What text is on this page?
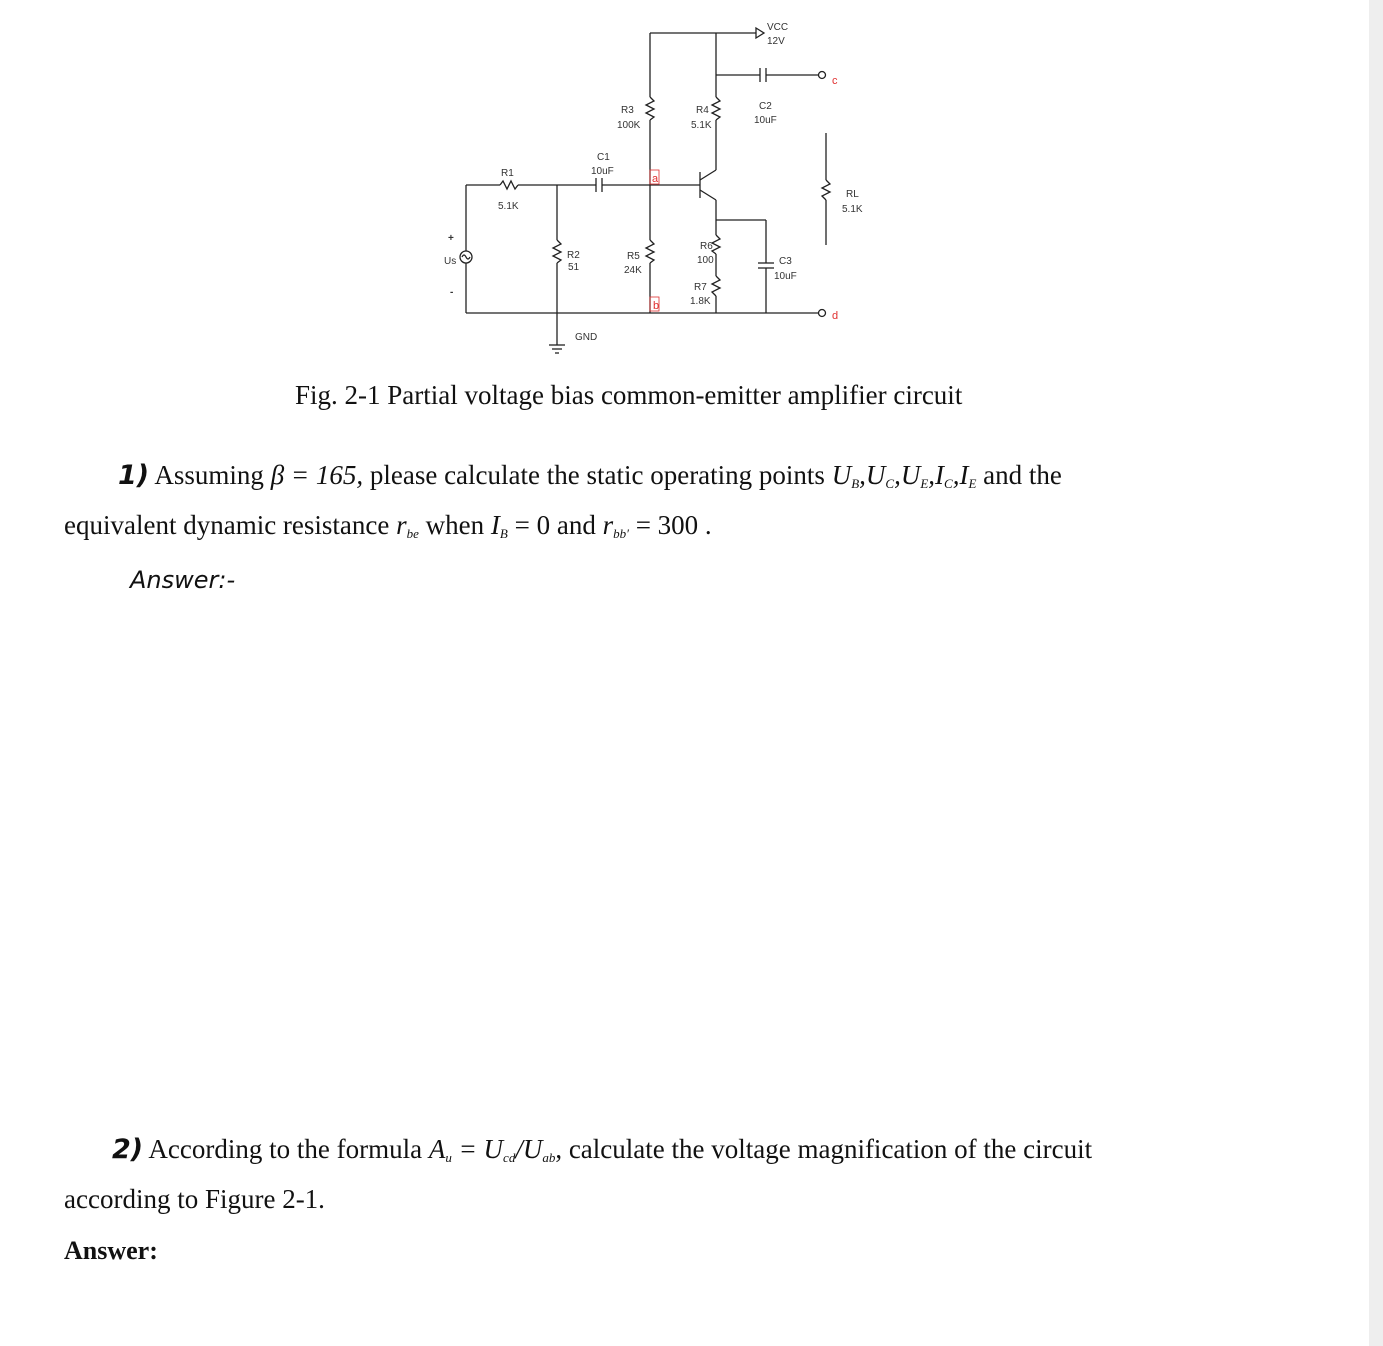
VCC
12V
R3
100K
R4
5.1K
C2
10uF
C1
10uF
R1
5.1K
RL
5.1K
R2
51
R5
24K
R6
100
R7
1.8K
C3
10uF
Us
+
-
GND
a
b
c
d
Fig. 2-1 Partial voltage bias common-emitter amplifier circuit
1) Assuming β = 165, please calculate the static operating points $U_B,U_C,U_E,I_C,I_E$ and the
equivalent dynamic resistance $r_{be}$ when $I_B = 0$ and $r_{bb'} = 300$ .
Answer:-
2) According to the formula $A_u = U_{cd}/U_{ab}$, calculate the voltage magnification of the circuit
according to Figure 2-1.
Answer:
